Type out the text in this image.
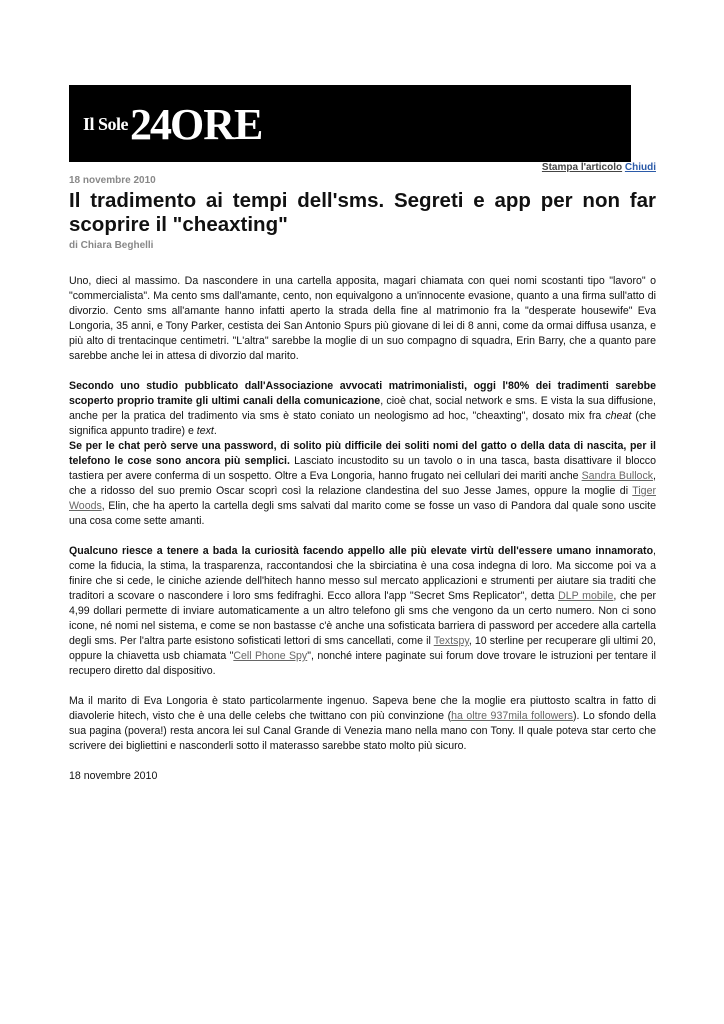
Il Sole24ORE
Stampa l'articolo Chiudi
18 novembre 2010
Il tradimento ai tempi dell'sms. Segreti e app per non far scoprire il "cheaxting"
di Chiara Beghelli

Uno, dieci al massimo. Da nascondere in una cartella apposita, magari chiamata con quei nomi scostanti tipo "lavoro" o "commercialista". Ma cento sms dall'amante, cento, non equivalgono a un'innocente evasione, quanto a una firma sull'atto di divorzio. Cento sms all'amante hanno infatti aperto la strada della fine al matrimonio fra la "desperate housewife" Eva Longoria, 35 anni, e Tony Parker, cestista dei San Antonio Spurs più giovane di lei di 8 anni, come da ormai diffusa usanza, e più alto di trentacinque centimetri. "L'altra" sarebbe la moglie di un suo compagno di squadra, Erin Barry, che a quanto pare sarebbe anche lei in attesa di divorzio dal marito.

Secondo uno studio pubblicato dall'Associazione avvocati matrimonialisti, oggi l'80% dei tradimenti sarebbe scoperto proprio tramite gli ultimi canali della comunicazione, cioè chat, social network e sms. E vista la sua diffusione, anche per la pratica del tradimento via sms è stato coniato un neologismo ad hoc, "cheaxting", dosato mix fra cheat (che significa appunto tradire) e text.

Se per le chat però serve una password, di solito più difficile dei soliti nomi del gatto o della data di nascita, per il telefono le cose sono ancora più semplici. Lasciato incustodito su un tavolo o in una tasca, basta disattivare il blocco tastiera per avere conferma di un sospetto. Oltre a Eva Longoria, hanno frugato nei cellulari dei mariti anche Sandra Bullock, che a ridosso del suo premio Oscar scoprì così la relazione clandestina del suo Jesse James, oppure la moglie di Tiger Woods, Elin, che ha aperto la cartella degli sms salvati dal marito come se fosse un vaso di Pandora dal quale sono uscite una cosa come sette amanti.

Qualcuno riesce a tenere a bada la curiosità facendo appello alle più elevate virtù dell'essere umano innamorato, come la fiducia, la stima, la trasparenza, raccontandosi che la sbirciatina è una cosa indegna di loro. Ma siccome poi va a finire che si cede, le ciniche aziende dell'hitech hanno messo sul mercato applicazioni e strumenti per aiutare sia traditi che traditori a scovare o nascondere i loro sms fedifraghi. Ecco allora l'app "Secret Sms Replicator", detta DLP mobile, che per 4,99 dollari permette di inviare automaticamente a un altro telefono gli sms che vengono da un certo numero. Non ci sono icone, né nomi nel sistema, e come se non bastasse c'è anche una sofisticata barriera di password per accedere alla cartella degli sms. Per l'altra parte esistono sofisticati lettori di sms cancellati, come il Textspy, 10 sterline per recuperare gli ultimi 20, oppure la chiavetta usb chiamata "Cell Phone Spy", nonché intere paginate sui forum dove trovare le istruzioni per tentare il recupero diretto dal dispositivo.

Ma il marito di Eva Longoria è stato particolarmente ingenuo. Sapeva bene che la moglie era piuttosto scaltra in fatto di diavolerie hitech, visto che è una delle celebs che twittano con più convinzione (ha oltre 937mila followers). Lo sfondo della sua pagina (povera!) resta ancora lei sul Canal Grande di Venezia mano nella mano con Tony. Il quale poteva star certo che scrivere dei bigliettini e nasconderli sotto il materasso sarebbe stato molto più sicuro.

18 novembre 2010
